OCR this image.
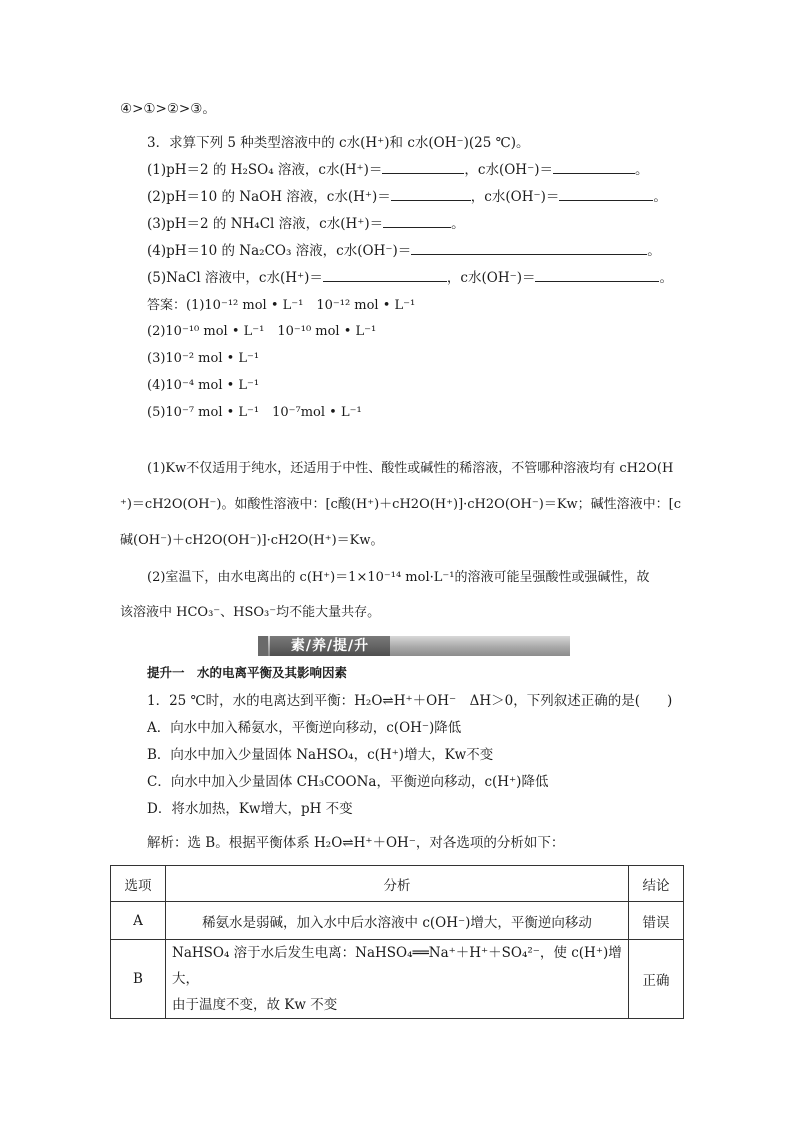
④>①>②>③。
3．求算下列 5 种类型溶液中的 c水(H⁺)和 c水(OH⁻)(25 ℃)。
(1)pH＝2 的 H₂SO₄ 溶液，c水(H⁺)＝	，c水(OH⁻)＝	。
(2)pH＝10 的 NaOH 溶液，c水(H⁺)＝	，c水(OH⁻)＝	。
(3)pH＝2 的 NH₄Cl 溶液，c水(H⁺)＝	。
(4)pH＝10 的 Na₂CO₃ 溶液，c水(OH⁻)＝	。
(5)NaCl 溶液中，c水(H⁺)＝	，c水(OH⁻)＝	。
答案：(1)10⁻¹² mol • L⁻¹　10⁻¹² mol • L⁻¹
(2)10⁻¹⁰ mol • L⁻¹　10⁻¹⁰ mol • L⁻¹
(3)10⁻² mol • L⁻¹
(4)10⁻⁴ mol • L⁻¹
(5)10⁻⁷ mol • L⁻¹　10⁻⁷mol • L⁻¹
(1)Kw不仅适用于纯水，还适用于中性、酸性或碱性的稀溶液，不管哪种溶液均有 cH2O(H
⁺)＝cH2O(OH⁻)。如酸性溶液中：[c酸(H⁺)＋cH2O(H⁺)]·cH2O(OH⁻)＝Kw；碱性溶液中：[c
碱(OH⁻)＋cH2O(OH⁻)]·cH2O(H⁺)＝Kw。
(2)室温下，由水电离出的 c(H⁺)＝1×10⁻¹⁴ mol·L⁻¹的溶液可能呈强酸性或强碱性，故
该溶液中 HCO₃⁻、HSO₃⁻均不能大量共存。
素/养/提/升
提升一　水的电离平衡及其影响因素
1．25 ℃时，水的电离达到平衡：H₂O⇌H⁺＋OH⁻　ΔH＞0，下列叙述正确的是(　　)
A．向水中加入稀氨水，平衡逆向移动，c(OH⁻)降低
B．向水中加入少量固体 NaHSO₄，c(H⁺)增大，Kw不变
C．向水中加入少量固体 CH₃COONa，平衡逆向移动，c(H⁺)降低
D．将水加热，Kw增大，pH 不变
解析：选 B。根据平衡体系 H₂O⇌H⁺＋OH⁻，对各选项的分析如下：
选项	分析	结论
A	稀氨水是弱碱，加入水中后水溶液中 c(OH⁻)增大，平衡逆向移动	错误
B	NaHSO₄ 溶于水后发生电离：NaHSO₄══Na⁺＋H⁺＋SO₄²⁻，使 c(H⁺)增大，
由于温度不变，故 Kw 不变	正确
